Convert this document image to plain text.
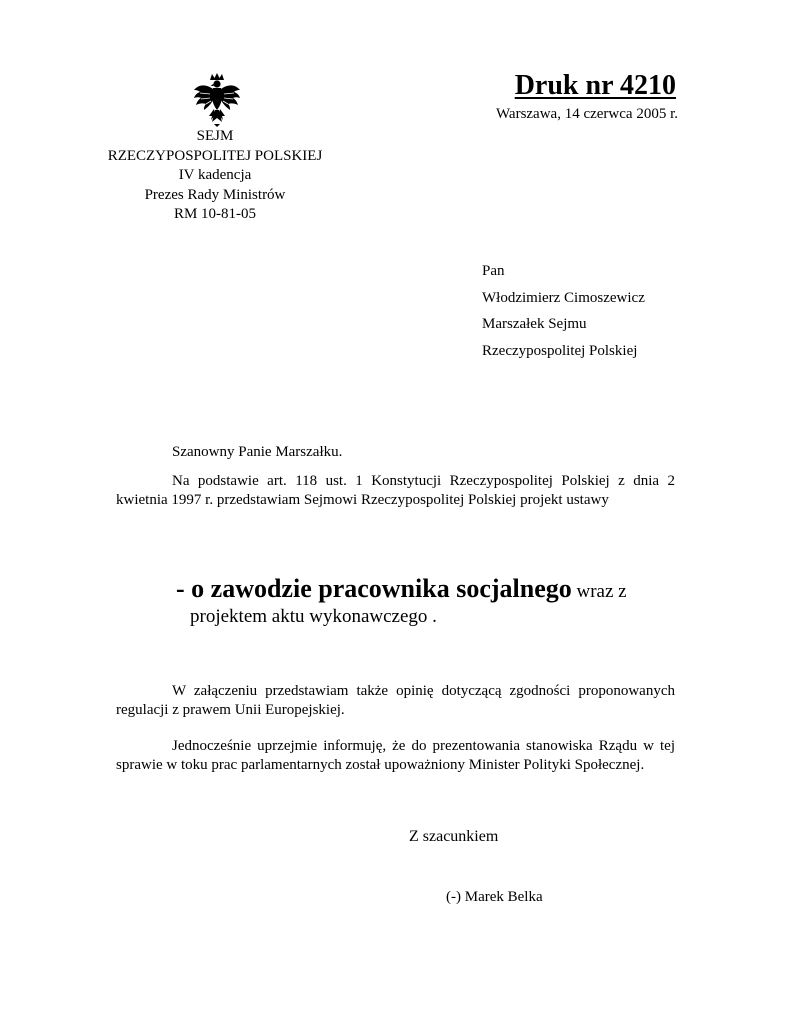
SEJM
RZECZYPOSPOLITEJ POLSKIEJ
IV kadencja
Prezes Rady Ministrów
RM 10-81-05
Druk nr 4210
Warszawa, 14 czerwca 2005 r.
Pan
Włodzimierz Cimoszewicz
Marszałek Sejmu
Rzeczypospolitej Polskiej
Szanowny Panie Marszałku.
Na podstawie art. 118 ust. 1 Konstytucji Rzeczypospolitej Polskiej z dnia 2 kwietnia 1997 r. przedstawiam Sejmowi Rzeczypospolitej Polskiej projekt ustawy
- o zawodzie pracownika socjalnego wraz z
projektem aktu wykonawczego .
W załączeniu przedstawiam także opinię dotyczącą zgodności proponowanych regulacji z prawem Unii Europejskiej.
Jednocześnie uprzejmie informuję, że do prezentowania stanowiska Rządu w tej sprawie w toku prac parlamentarnych został upoważniony Minister Polityki Społecznej.
Z szacunkiem
(-) Marek Belka
